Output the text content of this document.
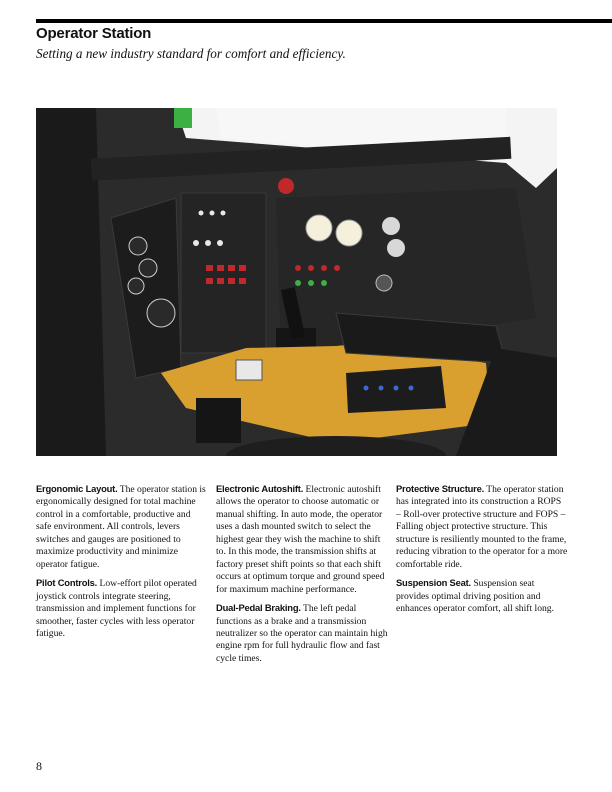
Operator Station
Setting a new industry standard for comfort and efficiency.

Ergonomic Layout. The operator station is ergonomically designed for total machine control in a comfortable, productive and safe environment. All controls, levers switches and gauges are positioned to maximize productivity and minimize operator fatigue.

Pilot Controls. Low-effort pilot operated joystick controls integrate steering, transmission and implement functions for smoother, faster cycles with less operator fatigue.

Electronic Autoshift. Electronic autoshift allows the operator to choose automatic or manual shifting. In auto mode, the operator uses a dash mounted switch to select the highest gear they wish the machine to shift to. In this mode, the transmission shifts at factory preset shift points so that each shift occurs at optimum torque and ground speed for maximum machine performance.

Dual-Pedal Braking. The left pedal functions as a brake and a transmission neutralizer so the operator can maintain high engine rpm for full hydraulic flow and fast cycle times.

Protective Structure. The operator station has integrated into its construction a ROPS – Roll-over protective structure and FOPS – Falling object protective structure. This structure is resiliently mounted to the frame, reducing vibration to the operator for a more comfortable ride.

Suspension Seat. Suspension seat provides optimal driving position and enhances operator comfort, all shift long.

8
